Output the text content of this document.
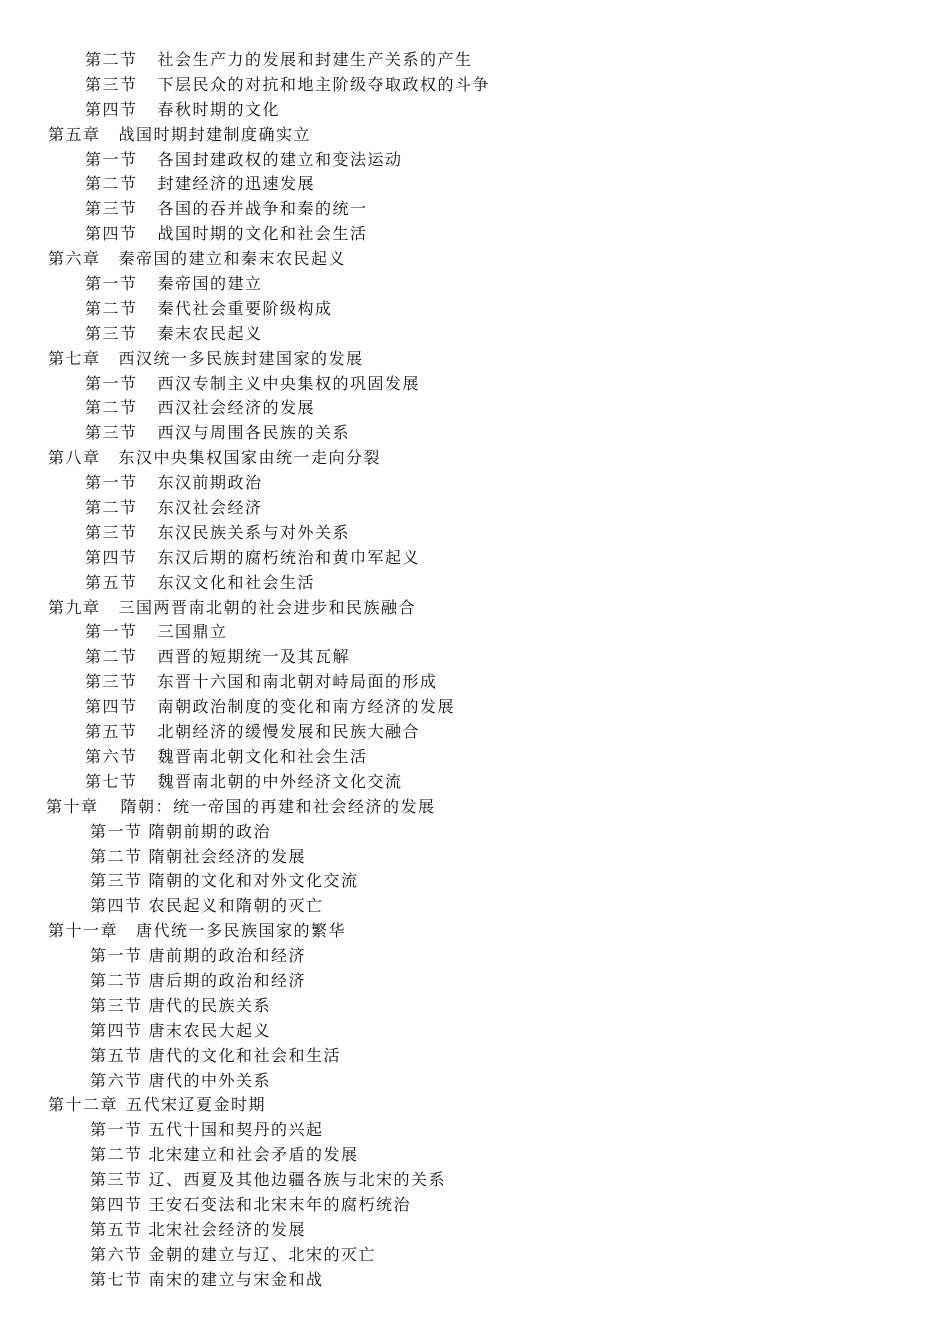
第二节 社会生产力的发展和封建生产关系的产生
第三节 下层民众的对抗和地主阶级夺取政权的斗争
第四节 春秋时期的文化
第五章 战国时期封建制度确实立
第一节 各国封建政权的建立和变法运动
第二节 封建经济的迅速发展
第三节 各国的吞并战争和秦的统一
第四节 战国时期的文化和社会生活
第六章 秦帝国的建立和秦末农民起义
第一节 秦帝国的建立
第二节 秦代社会重要阶级构成
第三节 秦末农民起义
第七章 西汉统一多民族封建国家的发展
第一节 西汉专制主义中央集权的巩固发展
第二节 西汉社会经济的发展
第三节 西汉与周围各民族的关系
第八章 东汉中央集权国家由统一走向分裂
第一节 东汉前期政治
第二节 东汉社会经济
第三节 东汉民族关系与对外关系
第四节 东汉后期的腐朽统治和黄巾军起义
第五节 东汉文化和社会生活
第九章 三国两晋南北朝的社会进步和民族融合
第一节 三国鼎立
第二节 西晋的短期统一及其瓦解
第三节 东晋十六国和南北朝对峙局面的形成
第四节 南朝政治制度的变化和南方经济的发展
第五节 北朝经济的缓慢发展和民族大融合
第六节 魏晋南北朝文化和社会生活
第七节 魏晋南北朝的中外经济文化交流
第十章 隋朝：统一帝国的再建和社会经济的发展
第一节 隋朝前期的政治
第二节 隋朝社会经济的发展
第三节 隋朝的文化和对外文化交流
第四节 农民起义和隋朝的灭亡
第十一章 唐代统一多民族国家的繁华
第一节 唐前期的政治和经济
第二节 唐后期的政治和经济
第三节 唐代的民族关系
第四节 唐末农民大起义
第五节 唐代的文化和社会和生活
第六节 唐代的中外关系
第十二章 五代宋辽夏金时期
第一节 五代十国和契丹的兴起
第二节 北宋建立和社会矛盾的发展
第三节 辽、西夏及其他边疆各族与北宋的关系
第四节 王安石变法和北宋末年的腐朽统治
第五节 北宋社会经济的发展
第六节 金朝的建立与辽、北宋的灭亡
第七节 南宋的建立与宋金和战
